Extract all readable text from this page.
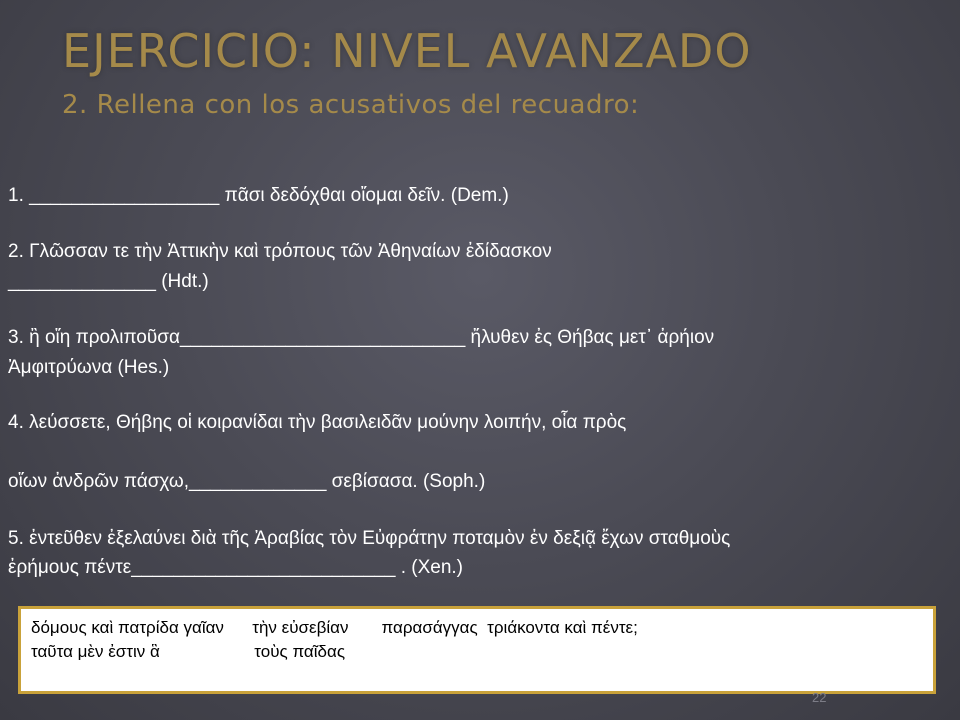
EJERCICIO: NIVEL AVANZADO
2. Rellena con los acusativos del recuadro:
1. __________________ πᾶσι δεδόχθαι οἴομαι δεῖν. (Dem.)
2. Γλῶσσαν τε τὴν Ἀττικὴν καὶ τρόπους τῶν Ἀθηναίων ἐδίδασκον
______________ (Hdt.)
3. ἢ οἵη προλιποῦσα___________________________ ἤλυθεν ἐς Θήβας μετ᾽ ἀρήιον
Ἀμφιτρύωνα (Hes.)
4. λεύσσετε, Θήβης οἱ κοιρανίδαι τὴν βασιλειδᾶν μούνην λοιπήν, οἷα πρὸς
οἵων ἀνδρῶν πάσχω,_____________ σεβίσασα. (Soph.)
5. ἐντεῦθεν ἐξελαύνει διὰ τῆς Ἀραβίας τὸν Εὐφράτην ποταμὸν ἐν δεξιᾷ ἔχων σταθμοὺς
ἐρήμους πέντε_________________________ . (Xen.)
δόμους καὶ πατρίδα γαῖαν      τὴν εὐσεβίαν       παρασάγγας  τριάκοντα καὶ πέντε;
ταῦτα μὲν ἐστιν ἃ                    τοὺς παῖδας
22
